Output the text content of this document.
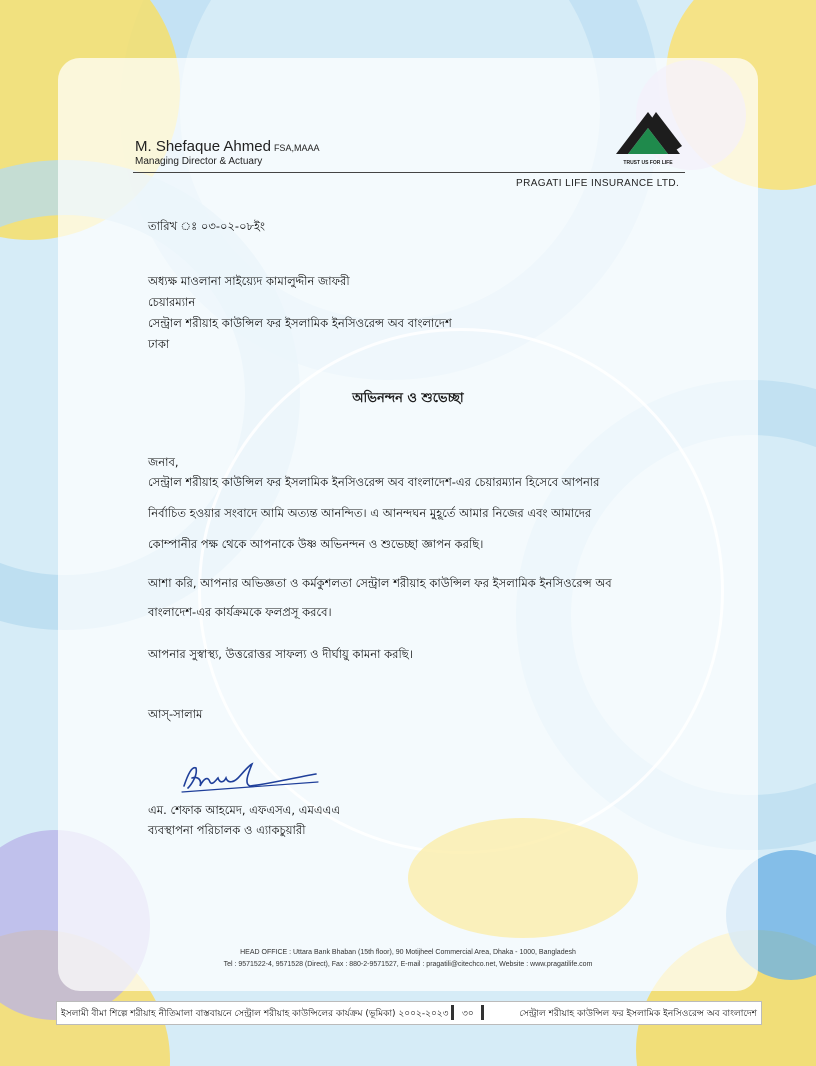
M. Shefaque Ahmed FSA,MAAA
Managing Director & Actuary	TRUST US FOR LIFE
PRAGATI LIFE INSURANCE LTD.
তারিখ ঃ ০৩-০২-০৮ইং
অধ্যক্ষ মাওলানা সাইয়্যেদ কামালুদ্দীন জাফরী
চেয়ারম্যান
সেন্ট্রাল শরীয়াহ কাউন্সিল ফর ইসলামিক ইনসিওরেন্স অব বাংলাদেশ
ঢাকা
অভিনন্দন ও শুভেচ্ছা
জনাব,
সেন্ট্রাল শরীয়াহ কাউন্সিল ফর ইসলামিক ইনসিওরেন্স অব বাংলাদেশ-এর চেয়ারম্যান হিসেবে আপনার
নির্বাচিত হওয়ার সংবাদে আমি অত্যন্ত আনন্দিত। এ আনন্দঘন মুহূর্তে আমার নিজের এবং আমাদের
কোম্পানীর পক্ষ থেকে আপনাকে উষ্ণ অভিনন্দন ও শুভেচ্ছা জ্ঞাপন করছি।
আশা করি, আপনার অভিজ্ঞতা ও কর্মকুশলতা সেন্ট্রাল শরীয়াহ কাউন্সিল ফর ইসলামিক ইনসিওরেন্স অব
বাংলাদেশ-এর কার্যক্রমকে ফলপ্রসূ করবে।
আপনার সুস্বাস্থ্য, উত্তরোত্তর সাফল্য ও দীর্ঘায়ু কামনা করছি।
আস্-সালাম
এম. শেফাক আহমেদ, এফএসএ, এমএএএ
ব্যবস্থাপনা পরিচালক ও এ্যাকচুয়ারী
HEAD OFFICE : Uttara Bank Bhaban (15th floor), 90 Motijheel Commercial Area, Dhaka - 1000, Bangladesh
Tel : 9571522-4, 9571528 (Direct), Fax : 880-2-9571527, E-mail : pragatili@citechco.net, Website : www.pragatilife.com
ইসলামী বীমা শিল্পে শরীয়াহ নীতিমালা বাস্তবায়নে সেন্ট্রাল শরীয়াহ কাউন্সিলের কার্যক্রম (ভূমিকা) ২০০২-২০২৩ ৩০	সেন্ট্রাল শরীয়াহ কাউন্সিল ফর ইসলামিক ইনসিওরেন্স অব বাংলাদেশ
